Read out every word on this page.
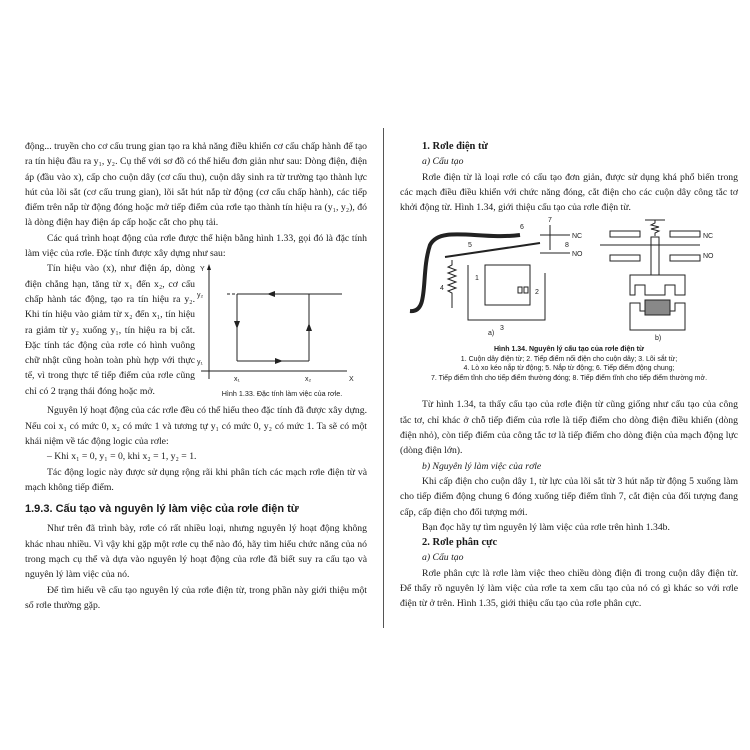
động... truyền cho cơ cấu trung gian tạo ra khả năng điều khiển cơ cấu chấp hành để tạo ra tín hiệu đầu ra y₁, y₂. Cụ thể với sơ đồ có thể hiểu đơn giản như sau: Dòng điện, điện áp (đầu vào x), cấp cho cuộn dây (cơ cấu thu), cuộn dây sinh ra từ trường tạo thành lực hút của lõi sắt (cơ cấu trung gian), lõi sắt hút nắp từ động (cơ cấu chấp hành), các tiếp điểm trên nắp từ động đóng hoặc mở tiếp điểm của rơle tạo thành tín hiệu ra (y₁, y₂), đó là dòng điện hay điện áp cấp hoặc cắt cho phụ tải.

Các quá trình hoạt động của rơle được thể hiện bằng hình 1.33, gọi đó là đặc tính làm việc của rơle. Đặc tính được xây dựng như sau:

Tín hiệu vào (x), như điện áp, dòng điện chẳng hạn, tăng từ x₁ đến x₂, cơ cấu chấp hành tác động, tạo ra tín hiệu ra y₂. Khi tín hiệu vào giảm từ x₂ đến x₁, tín hiệu ra giảm từ y₂ xuống y₁, tín hiệu ra bị cắt. Đặc tính tác động của rơle có hình vuông chữ nhật cũng hoàn toàn phù hợp với thực tế, vì trong thực tế tiếp điểm của rơle cũng chỉ có 2 trạng thái đóng hoặc mở.

Y
X
y₂
y₁
x₁	x₂
Hình 1.33. Đặc tính làm việc của rơle.

Nguyên lý hoạt động của các rơle đều có thể hiểu theo đặc tính đã được xây dựng. Nếu coi x₁ có mức 0, x₂ có mức 1 và tương tự y₁ có mức 0, y₂ có mức 1. Ta sẽ có một khái niệm về tác động logic của rơle:

– Khi x₁ = 0, y₁ = 0, khi x₂ = 1, y₂ = 1.

Tác động logic này được sử dụng rộng rãi khi phân tích các mạch rơle điện từ và mạch không tiếp điểm.

1.9.3. Cấu tạo và nguyên lý làm việc của rơle điện từ

Như trên đã trình bày, rơle có rất nhiều loại, nhưng nguyên lý hoạt động không khác nhau nhiều. Vì vậy khi gặp một rơle cụ thể nào đó, hãy tìm hiểu chức năng của nó trong mạch cụ thể và dựa vào nguyên lý hoạt động của rơle đã biết suy ra cấu tạo và nguyên lý làm việc của nó.

Để tìm hiểu về cấu tạo nguyên lý của rơle điện từ, trong phần này giới thiệu một số rơle thường gặp.

1. Rơle điện từ

a) Cấu tạo

Rơle điện từ là loại rơle có cấu tạo đơn giản, được sử dụng khá phổ biến trong các mạch điều điều khiển với chức năng đóng, cắt điện cho các cuộn dây công tắc tơ khởi động từ. Hình 1.34, giới thiệu cấu tạo của rơle điện từ.

NC
NO
NC
NO
a)
b)
1
2
3
4
5
6
7
8
Hình 1.34. Nguyên lý cấu tạo của rơle điện từ
1. Cuộn dây điện từ; 2. Tiếp điểm nối điện cho cuộn dây; 3. Lõi sắt từ;
4. Lò xo kéo nắp từ động; 5. Nắp từ động; 6. Tiếp điểm động chung;
7. Tiếp điểm tĩnh cho tiếp điểm thường đóng; 8. Tiếp điểm tĩnh cho tiếp điểm thường mở.

Từ hình 1.34, ta thấy cấu tạo của rơle điện từ cũng giống như cấu tạo của công tắc tơ, chỉ khác ở chỗ tiếp điểm của rơle là tiếp điểm cho dòng điện điều khiển (dòng điện nhỏ), còn tiếp điểm của công tắc tơ là tiếp điểm cho dòng điện của mạch động lực (dòng điện lớn).

b) Nguyên lý làm việc của rơle

Khi cấp điện cho cuộn dây 1, từ lực của lõi sắt từ 3 hút nắp từ động 5 xuống làm cho tiếp điểm động chung 6 đóng xuống tiếp điểm tĩnh 7, cắt điện của đối tượng đang cấp, cấp điện cho đối tượng mới.

Bạn đọc hãy tự tìm nguyên lý làm việc của rơle trên hình 1.34b.

2. Rơle phân cực

a) Cấu tạo

Rơle phân cực là rơle làm việc theo chiều dòng điện đi trong cuộn dây điện từ. Để thấy rõ nguyên lý làm việc của rơle ta xem cấu tạo của nó có gì khác so với rơle điện từ ở trên. Hình 1.35, giới thiệu cấu tạo của rơle phân cực.
